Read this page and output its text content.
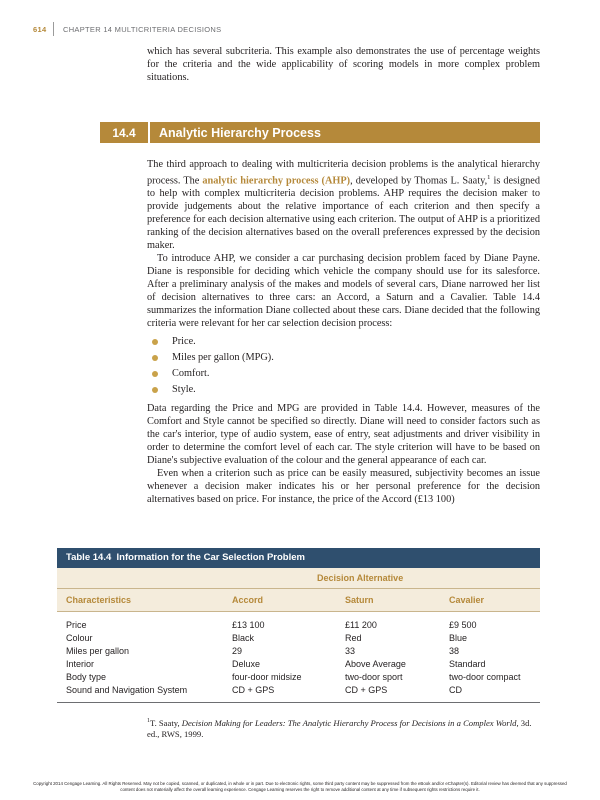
614 CHAPTER 14 MULTICRITERIA DECISIONS

which has several subcriteria. This example also demonstrates the use of percentage weights for the criteria and the wide applicability of scoring models in more complex problem situations.

14.4	Analytic Hierarchy Process

The third approach to dealing with multicriteria decision problems is the analytical hierarchy process. The analytic hierarchy process (AHP), developed by Thomas L. Saaty,$^1$ is designed to help with complex multicriteria decision problems. AHP requires the decision maker to provide judgements about the relative importance of each criterion and then specify a preference for each decision alternative using each criterion. The output of AHP is a prioritized ranking of the decision alternatives based on the overall preferences expressed by the decision maker.

To introduce AHP, we consider a car purchasing decision problem faced by Diane Payne. Diane is responsible for deciding which vehicle the company should use for its salesforce. After a preliminary analysis of the makes and models of several cars, Diane narrowed her list of decision alternatives to three cars: an Accord, a Saturn and a Cavalier. Table 14.4 summarizes the information Diane collected about these cars. Diane decided that the following criteria were relevant for her car selection decision process:

Price.
Miles per gallon (MPG).
Comfort.
Style.

Data regarding the Price and MPG are provided in Table 14.4. However, measures of the Comfort and Style cannot be specified so directly. Diane will need to consider factors such as the car's interior, type of audio system, ease of entry, seat adjustments and driver visibility in order to determine the comfort level of each car. The style criterion will have to be based on Diane's subjective evaluation of the colour and the general appearance of each car.

Even when a criterion such as price can be easily measured, subjectivity becomes an issue whenever a decision maker indicates his or her personal preference for the decision alternatives based on price. For instance, the price of the Accord (£13 100)

Table 14.4 Information for the Car Selection Problem
Decision Alternative
Characteristics	Accord	Saturn	Cavalier
Price	£13 100	£11 200	£9 500
Colour	Black	Red	Blue
Miles per gallon	29	33	38
Interior	Deluxe	Above Average	Standard
Body type	four-door midsize	two-door sport	two-door compact
Sound and Navigation System	CD + GPS	CD + GPS	CD
$^1$T. Saaty, Decision Making for Leaders: The Analytic Hierarchy Process for Decisions in a Complex World, 3d. ed., RWS, 1999.
Copyright 2014 Cengage Learning. All Rights Reserved. May not be copied, scanned, or duplicated, in whole or in part. Due to electronic rights, some third party content may be suppressed from the eBook and/or eChapter(s). Editorial review has deemed that any suppressed content does not materially affect the overall learning experience. Cengage Learning reserves the right to remove additional content at any time if subsequent rights restrictions require it.
